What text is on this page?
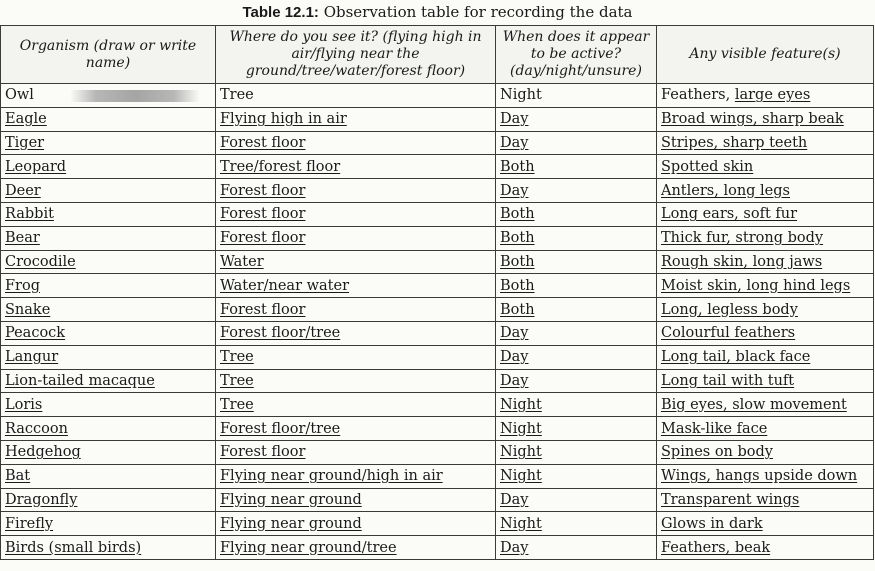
Table 12.1: Observation table for recording the data
Organism (draw or write name)	Where do you see it? (flying high in air/flying near the ground/tree/water/forest floor)	When does it appear to be active? (day/night/unsure)	Any visible feature(s)
Owl	Tree	Night	Feathers, large eyes
Eagle	Flying high in air	Day	Broad wings, sharp beak
Tiger	Forest floor	Day	Stripes, sharp teeth
Leopard	Tree/forest floor	Both	Spotted skin
Deer	Forest floor	Day	Antlers, long legs
Rabbit	Forest floor	Both	Long ears, soft fur
Bear	Forest floor	Both	Thick fur, strong body
Crocodile	Water	Both	Rough skin, long jaws
Frog	Water/near water	Both	Moist skin, long hind legs
Snake	Forest floor	Both	Long, legless body
Peacock	Forest floor/tree	Day	Colourful feathers
Langur	Tree	Day	Long tail, black face
Lion-tailed macaque	Tree	Day	Long tail with tuft
Loris	Tree	Night	Big eyes, slow movement
Raccoon	Forest floor/tree	Night	Mask-like face
Hedgehog	Forest floor	Night	Spines on body
Bat	Flying near ground/high in air	Night	Wings, hangs upside down
Dragonfly	Flying near ground	Day	Transparent wings
Firefly	Flying near ground	Night	Glows in dark
Birds (small birds)	Flying near ground/tree	Day	Feathers, beak
